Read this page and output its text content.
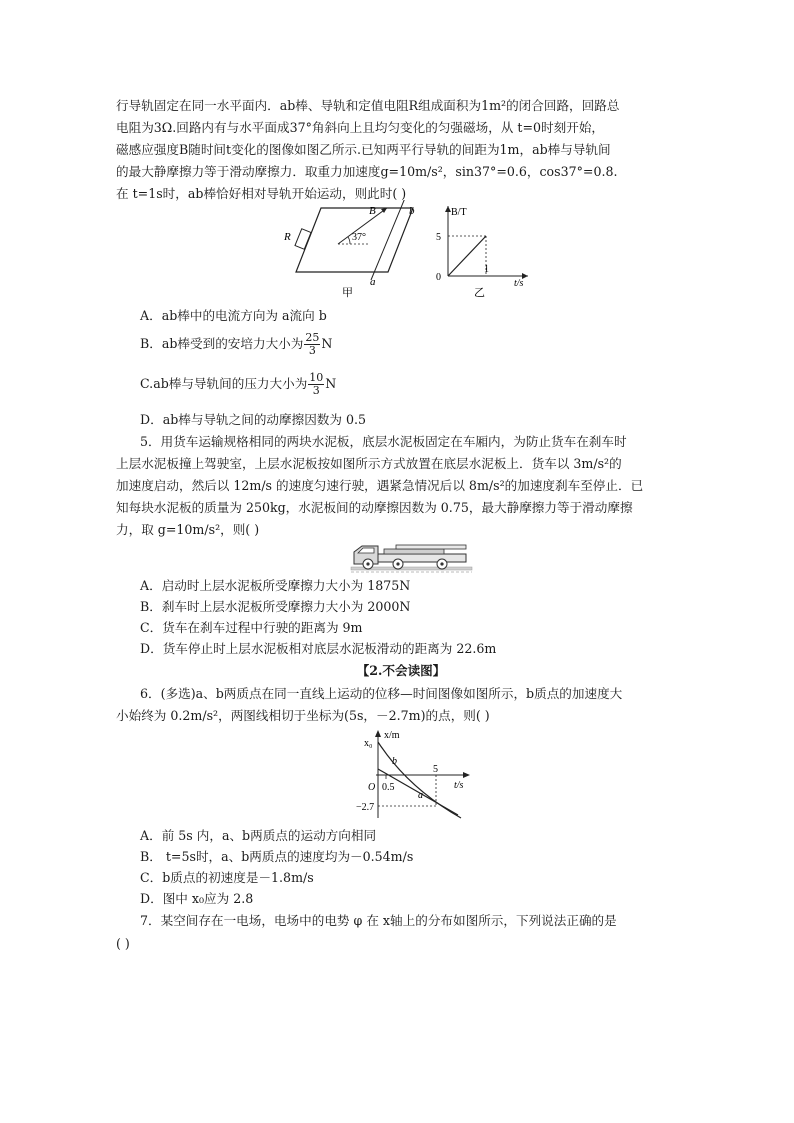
行导轨固定在同一水平面内．ab棒、导轨和定值电阻R组成面积为1m²的闭合回路，回路总
电阻为3Ω.回路内有与水平面成37°角斜向上且均匀变化的匀强磁场，从 t=0时刻开始，
磁感应强度B随时间t变化的图像如图乙所示.已知两平行导轨的间距为1m，ab棒与导轨间
的最大静摩擦力等于滑动摩擦力．取重力加速度g=10m/s²，sin37°=0.6，cos37°=0.8.
在 t=1s时，ab棒恰好相对导轨开始运动，则此时( )
B	b
R	37°
a
甲
B/T
5
0
1
t/s
乙
A．ab棒中的电流方向为 a流向 b
B．ab棒受到的安培力大小为 $\frac{25}{3}$ N
C.ab棒与导轨间的压力大小为 $\frac{10}{3}$ N
D．ab棒与导轨之间的动摩擦因数为 0.5
5．用货车运输规格相同的两块水泥板，底层水泥板固定在车厢内，为防止货车在刹车时
上层水泥板撞上驾驶室，上层水泥板按如图所示方式放置在底层水泥板上．货车以 3m/s²的
加速度启动，然后以 12m/s 的速度匀速行驶，遇紧急情况后以 8m/s²的加速度刹车至停止．已
知每块水泥板的质量为 250kg，水泥板间的动摩擦因数为 0.75，最大静摩擦力等于滑动摩擦
力，取 g=10m/s²，则( )
A．启动时上层水泥板所受摩擦力大小为 1875N
B．刹车时上层水泥板所受摩擦力大小为 2000N
C．货车在刹车过程中行驶的距离为 9m
D．货车停止时上层水泥板相对底层水泥板滑动的距离为 22.6m
【2.不会读图】
6．(多选)a、b两质点在同一直线上运动的位移—时间图像如图所示，b质点的加速度大
小始终为 0.2m/s²，两图线相切于坐标为(5s，－2.7m)的点，则( )
x/m
x₀
b
5
O 0.5	t/s
a
−2.7
A．前 5s 内，a、b两质点的运动方向相同
B． t=5s时，a、b两质点的速度均为－0.54m/s
C．b质点的初速度是－1.8m/s
D．图中 x₀应为 2.8
7．某空间存在一电场，电场中的电势 φ 在 x轴上的分布如图所示，下列说法正确的是
( )
